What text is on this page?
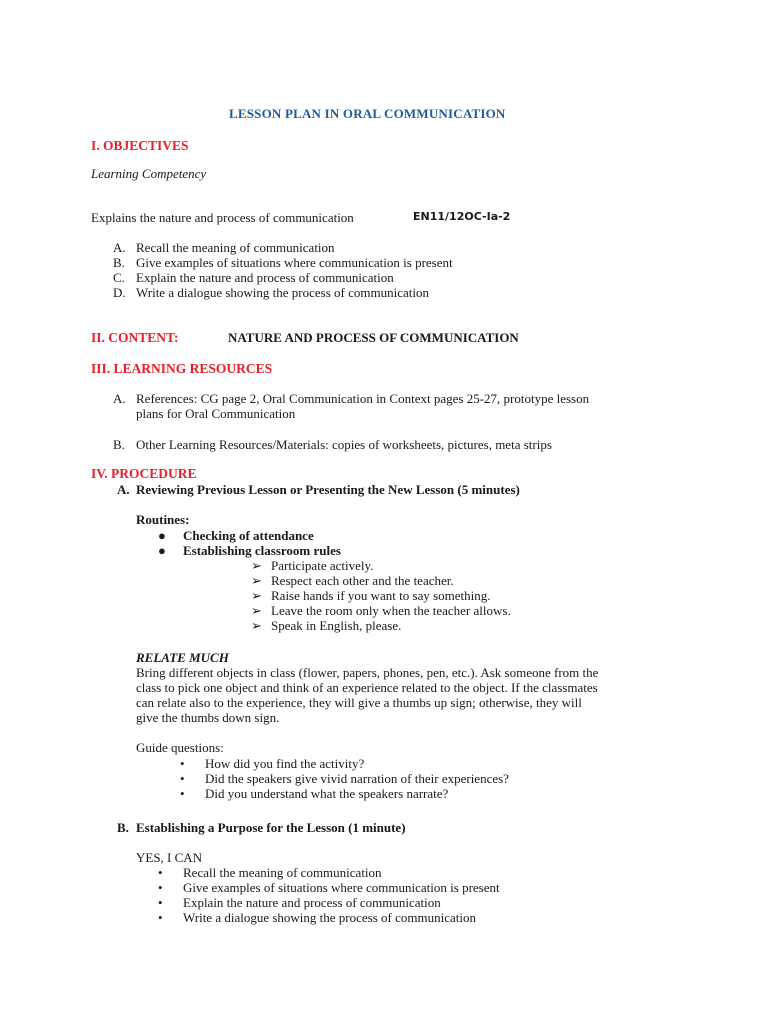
LESSON PLAN IN ORAL COMMUNICATION
I. OBJECTIVES
Learning Competency
Explains the nature and process of communication	EN11/12OC-Ia-2
A. Recall the meaning of communication
B. Give examples of situations where communication is present
C. Explain the nature and process of communication
D. Write a dialogue showing the process of communication
II. CONTENT:	NATURE AND PROCESS OF COMMUNICATION
III. LEARNING RESOURCES
A. References: CG page 2, Oral Communication in Context pages 25-27, prototype lesson
plans for Oral Communication
B. Other Learning Resources/Materials: copies of worksheets, pictures, meta strips
IV. PROCEDURE
A. Reviewing Previous Lesson or Presenting the New Lesson (5 minutes)
Routines:
● Checking of attendance
● Establishing classroom rules
➢ Participate actively.
➢ Respect each other and the teacher.
➢ Raise hands if you want to say something.
➢ Leave the room only when the teacher allows.
➢ Speak in English, please.
RELATE MUCH
Bring different objects in class (flower, papers, phones, pen, etc.). Ask someone from the
class to pick one object and think of an experience related to the object. If the classmates
can relate also to the experience, they will give a thumbs up sign; otherwise, they will
give the thumbs down sign.
Guide questions:
• How did you find the activity?
• Did the speakers give vivid narration of their experiences?
• Did you understand what the speakers narrate?
B. Establishing a Purpose for the Lesson (1 minute)
YES, I CAN
• Recall the meaning of communication
• Give examples of situations where communication is present
• Explain the nature and process of communication
• Write a dialogue showing the process of communication
